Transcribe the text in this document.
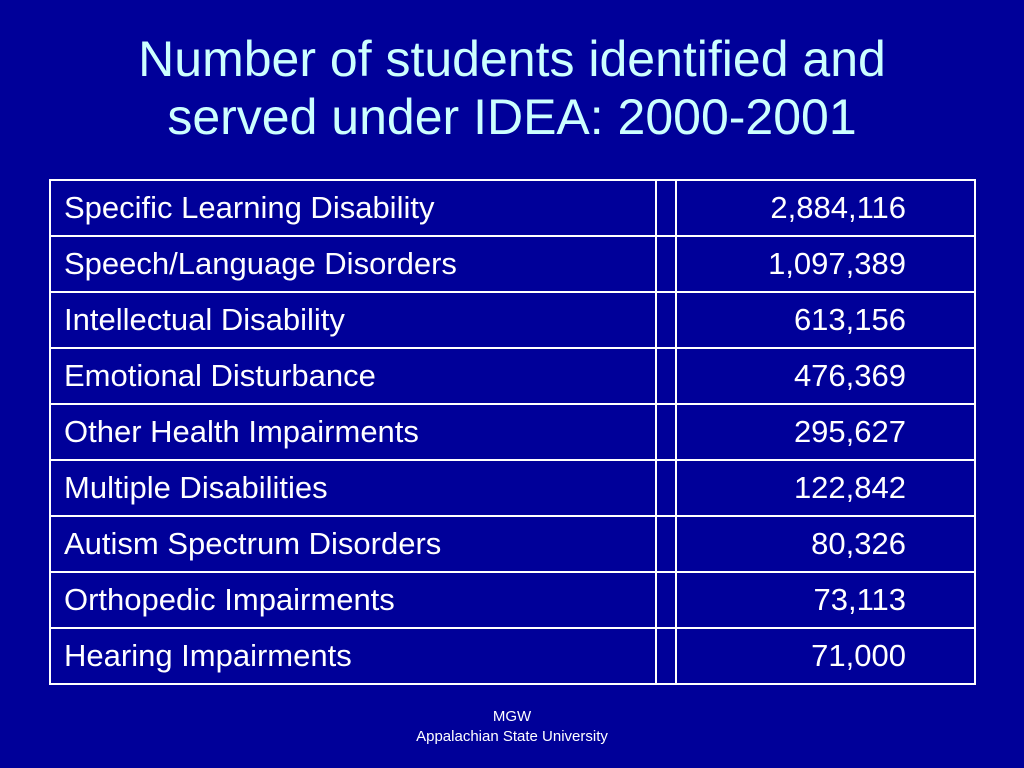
Number of students identified and
served under IDEA: 2000-2001
Specific Learning Disability		2,884,116
Speech/Language Disorders		1,097,389
Intellectual Disability		613,156
Emotional Disturbance		476,369
Other Health Impairments		295,627
Multiple Disabilities		122,842
Autism Spectrum Disorders		80,326
Orthopedic Impairments		73,113
Hearing Impairments		71,000
MGW
Appalachian State University
